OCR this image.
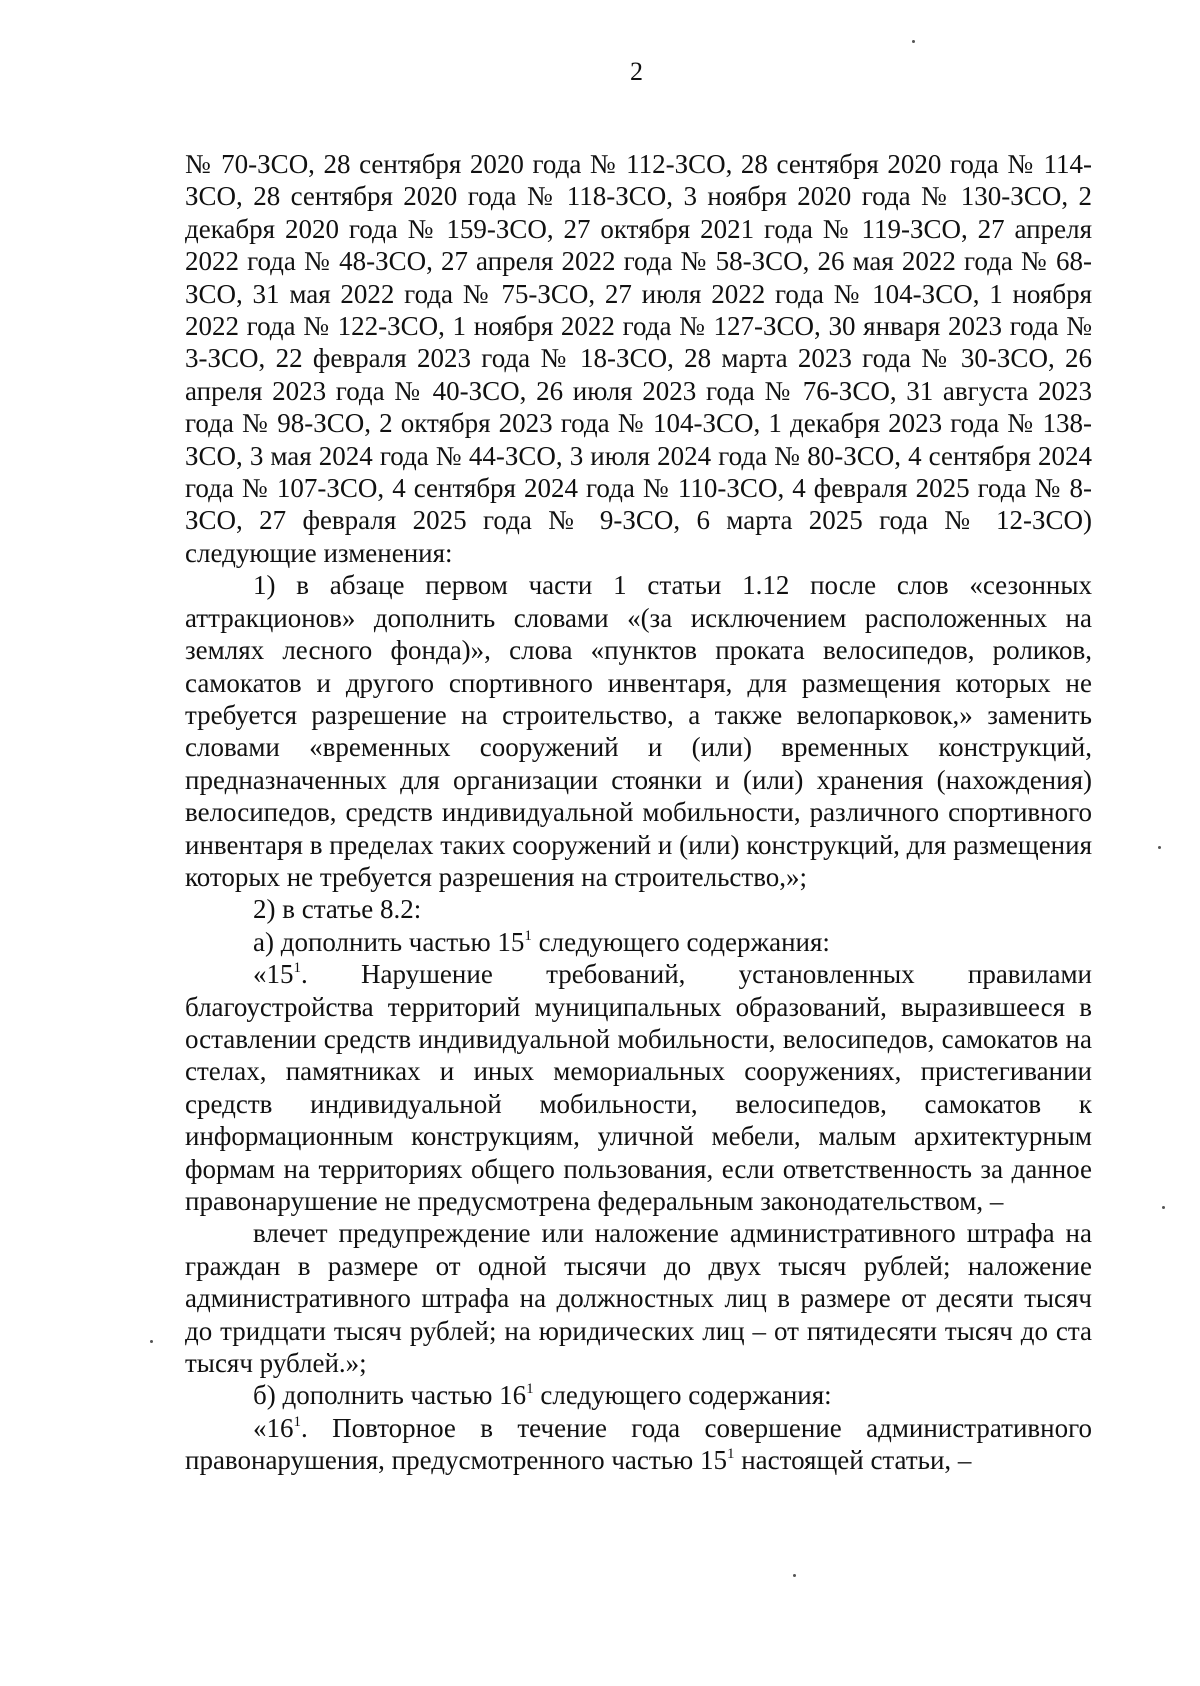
2

№ 70-ЗСО, 28 сентября 2020 года № 112-ЗСО, 28 сентября 2020 года № 114-ЗСО, 28 сентября 2020 года № 118-ЗСО, 3 ноября 2020 года № 130-ЗСО, 2 декабря 2020 года № 159-ЗСО, 27 октября 2021 года № 119-ЗСО, 27 апреля 2022 года № 48-ЗСО, 27 апреля 2022 года № 58-ЗСО, 26 мая 2022 года № 68-ЗСО, 31 мая 2022 года № 75-ЗСО, 27 июля 2022 года № 104-ЗСО, 1 ноября 2022 года № 122-ЗСО, 1 ноября 2022 года № 127-ЗСО, 30 января 2023 года № 3-ЗСО, 22 февраля 2023 года № 18-ЗСО, 28 марта 2023 года № 30-ЗСО, 26 апреля 2023 года № 40-ЗСО, 26 июля 2023 года № 76-ЗСО, 31 августа 2023 года № 98-ЗСО, 2 октября 2023 года № 104-ЗСО, 1 декабря 2023 года № 138-ЗСО, 3 мая 2024 года № 44-ЗСО, 3 июля 2024 года № 80-ЗСО, 4 сентября 2024 года № 107-ЗСО, 4 сентября 2024 года № 110-ЗСО, 4 февраля 2025 года № 8-ЗСО, 27 февраля 2025 года № 9-ЗСО, 6 марта 2025 года № 12-ЗСО) следующие изменения:

1) в абзаце первом части 1 статьи 1.12 после слов «сезонных аттракционов» дополнить словами «(за исключением расположенных на землях лесного фонда)», слова «пунктов проката велосипедов, роликов, самокатов и другого спортивного инвентаря, для размещения которых не требуется разрешение на строительство, а также велопарковок,» заменить словами «временных сооружений и (или) временных конструкций, предназначенных для организации стоянки и (или) хранения (нахождения) велосипедов, средств индивидуальной мобильности, различного спортивного инвентаря в пределах таких сооружений и (или) конструкций, для размещения которых не требуется разрешения на строительство,»;

2) в статье 8.2:

а) дополнить частью $15^1$ следующего содержания:

«$15^1$. Нарушение требований, установленных правилами благоустройства территорий муниципальных образований, выразившееся в оставлении средств индивидуальной мобильности, велосипедов, самокатов на стелах, памятниках и иных мемориальных сооружениях, пристегивании средств индивидуальной мобильности, велосипедов, самокатов к информационным конструкциям, уличной мебели, малым архитектурным формам на территориях общего пользования, если ответственность за данное правонарушение не предусмотрена федеральным законодательством, –

влечет предупреждение или наложение административного штрафа на граждан в размере от одной тысячи до двух тысяч рублей; наложение административного штрафа на должностных лиц в размере от десяти тысяч до тридцати тысяч рублей; на юридических лиц – от пятидесяти тысяч до ста тысяч рублей.»;

б) дополнить частью $16^1$ следующего содержания:

«$16^1$. Повторное в течение года совершение административного правонарушения, предусмотренного частью $15^1$ настоящей статьи, –
